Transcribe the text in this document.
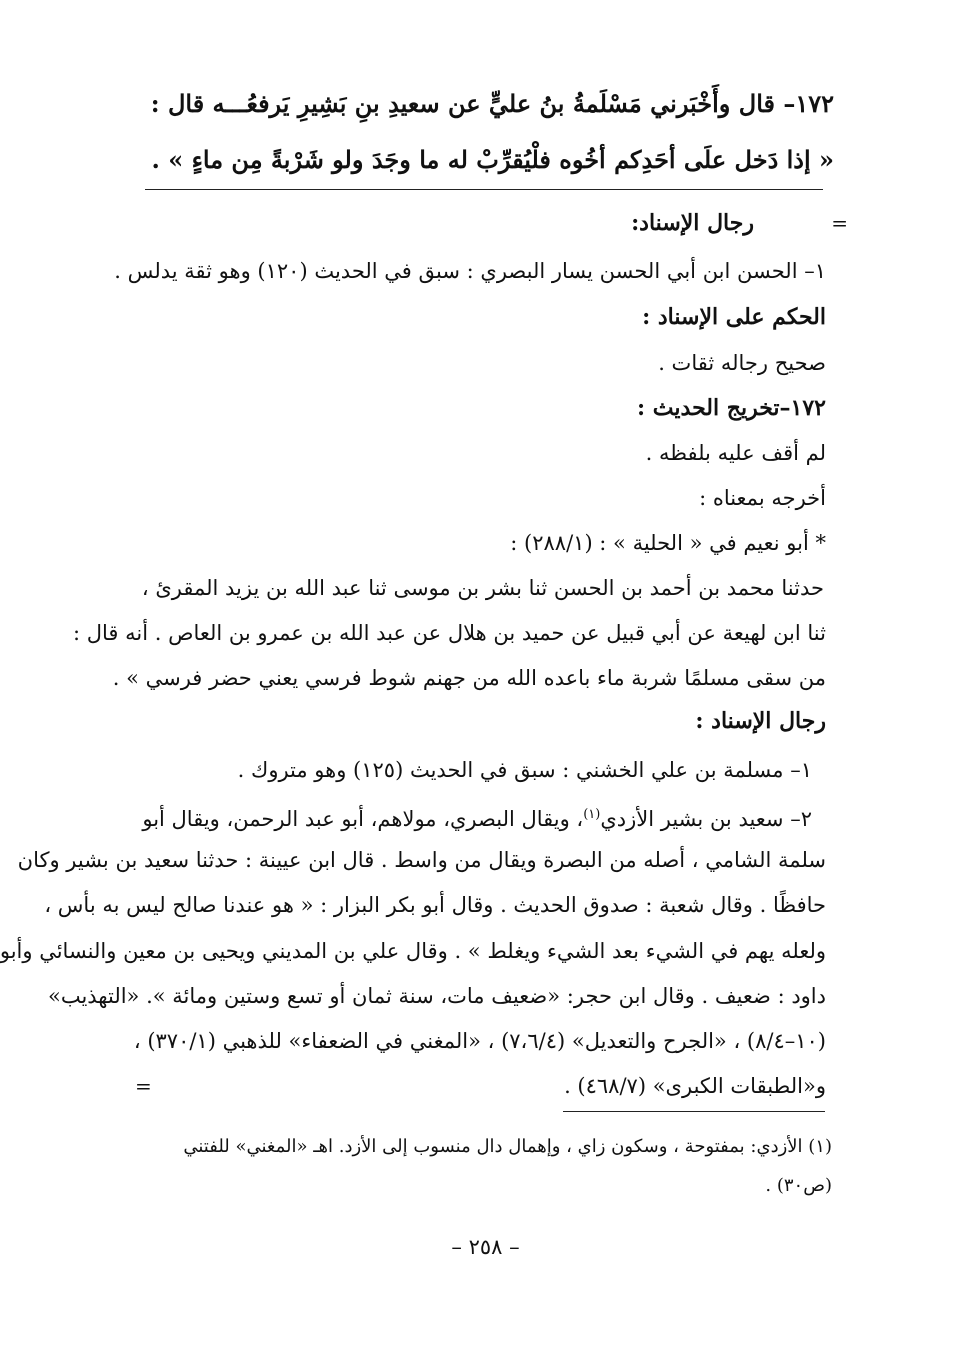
١٧٢– قال وأَخْبَرني مَسْلَمةُ بنُ عليٍّ عن سعيدِ بنِ بَشِيرِ يَرفعُـــه قال :
« إذا دَخل علَى أحَدِكم أخُوه فلْيُقرِّبْ له ما وجَدَ ولو شَرْبةً مِن ماءٍ » .
=
رجال الإسناد:
١– الحسن ابن أبي الحسن يسار البصري : سبق في الحديث (١٢٠) وهو ثقة يدلس .
الحكم على الإسناد :
صحيح رجاله ثقات .
١٧٢–تخريج الحديث :
لم أقف عليه بلفظه .
أخرجه بمعناه :
* أبو نعيم في « الحلية » : (٢٨٨/١) :
حدثنا محمد بن أحمد بن الحسن ثنا بشر بن موسى ثنا عبد الله بن يزيد المقرئ ،
ثنا ابن لهيعة عن أبي قبيل عن حميد بن هلال عن عبد الله بن عمرو بن العاص . أنه قال :
من سقى مسلمًا شربة ماء باعده الله من جهنم شوط فرسي يعني حضر فرسي » .
رجال الإسناد :
١– مسلمة بن علي الخشني : سبق في الحديث (١٢٥) وهو متروك .
٢– سعيد بن بشير الأزدي$^{(١)}$، ويقال البصري، مولاهم، أبو عبد الرحمن، ويقال أبو
سلمة الشامي ، أصله من البصرة ويقال من واسط . قال ابن عيينة : حدثنا سعيد بن بشير وكان
حافظًا . وقال شعبة : صدوق الحديث . وقال أبو بكر البزار : « هو عندنا صالح ليس به بأس ،
ولعله يهم في الشيء بعد الشيء ويغلط » . وقال علي بن المديني ويحيى بن معين والنسائي وأبو
داود : ضعيف . وقال ابن حجر: «ضعيف مات، سنة ثمان أو تسع وستين ومائة ». «التهذيب»
(١٠–٨/٤) ، «الجرح والتعديل» (٧،٦/٤) ، «المغني في الضعفاء» للذهبي (٣٧٠/١) ،
و«الطبقات الكبرى» (٤٦٨/٧) .
=
(١) الأزدي: بمفتوحة ، وسكون زاي ، وإهمال دال منسوب إلى الأزد. اهـ «المغني» للفتني
(ص٣٠) .
– ٢٥٨ –
